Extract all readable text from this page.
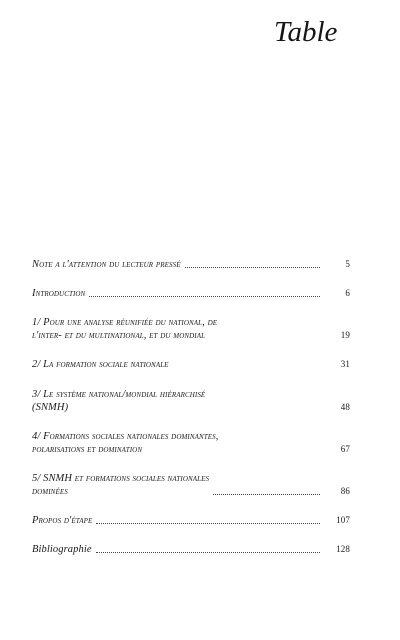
Table
Note a l'attention du lecteur pressé	5
Introduction	6
1/ Pour une analyse réunifiée du national, de
l'inter- et du multinational, et du mondial	19
2/ La formation sociale nationale	31
3/ Le système national/mondial hiérarchisé
(SNMH)	48
4/ Formations sociales nationales dominantes,
polarisations et domination	67
5/ SNMH et formations sociales nationales
dominées	86
Propos d'étape	107
Bibliographie	128
